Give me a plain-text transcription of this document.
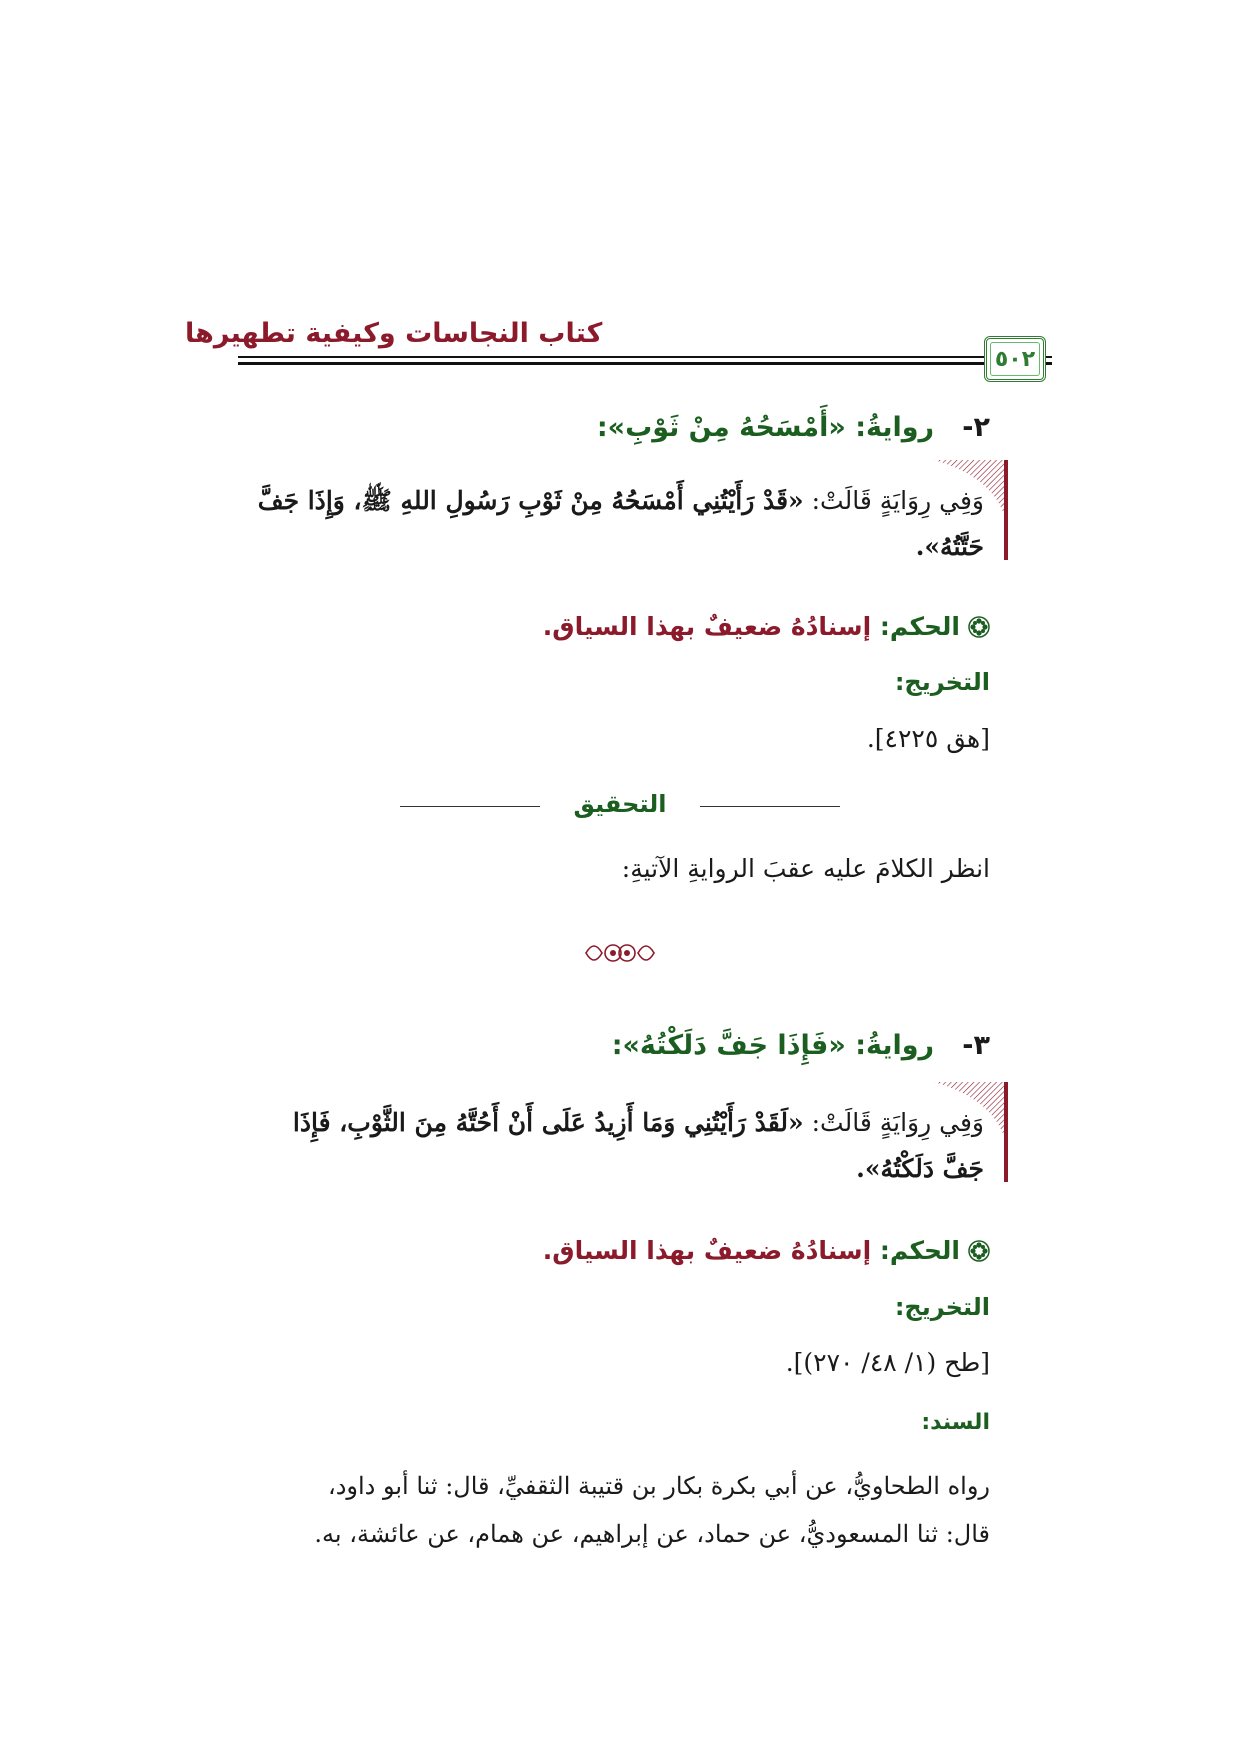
كتاب النجاسات وكيفية تطهيرها
٥٠٢
٢-   روايةُ: «أَمْسَحُهُ مِنْ ثَوْبِ»:
وَفِي رِوَايَةٍ قَالَتْ: «قَدْ رَأَيْتُنِي أَمْسَحُهُ مِنْ ثَوْبِ رَسُولِ اللهِ ﷺ، وَإِذَا جَفَّ
حَتَّتُهُ».
الحكم: إسنادُهُ ضعيفٌ بهذا السياق.
التخريج:
[هق ٤٢٢٥].
التحقيق
انظر الكلامَ عليه عقبَ الروايةِ الآتيةِ:
٣-   روايةُ: «فَإِذَا جَفَّ دَلَكْتُهُ»:
وَفِي رِوَايَةٍ قَالَتْ: «لَقَدْ رَأَيْتُنِي وَمَا أَزِيدُ عَلَى أَنْ أَحُتَّهُ مِنَ الثَّوْبِ، فَإِذَا
جَفَّ دَلَكْتُهُ».
الحكم: إسنادُهُ ضعيفٌ بهذا السياق.
التخريج:
[طح (١/ ٤٨/ ٢٧٠)].
السند:
رواه الطحاويُّ، عن أبي بكرة بكار بن قتيبة الثقفيِّ، قال: ثنا أبو داود،
قال: ثنا المسعوديُّ، عن حماد، عن إبراهيم، عن همام، عن عائشة، به.
